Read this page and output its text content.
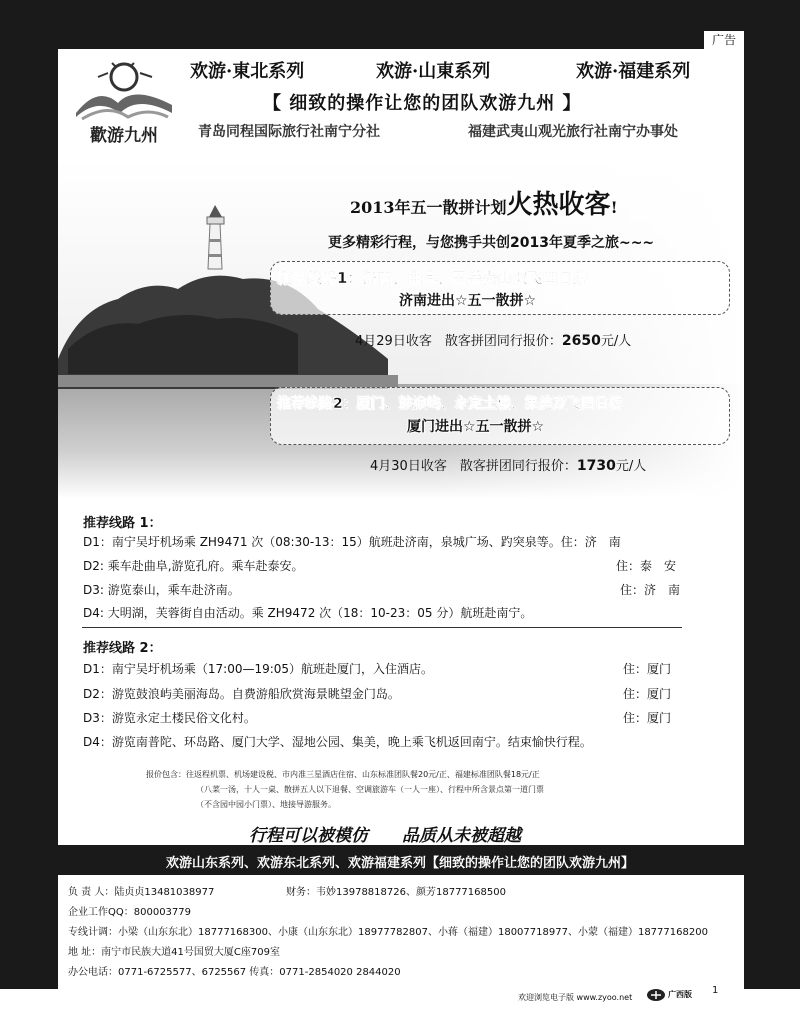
广告
歡游九州
欢游·東北系列	欢游·山東系列	欢游·福建系列
【 细致的操作让您的团队欢游九州 】
青岛同程国际旅行社南宁分社	福建武夷山观光旅行社南宁办事处
2013年五一散拼计划火热收客!
更多精彩行程，与您携手共创2013年夏季之旅~~~
推荐线路1：济南、曲阜、五岳泰山双飞四日游
济南进出☆五一散拼☆
4月29日收客　 散客拼团同行报价：2650元/人
推荐线路2：厦门、鼓浪屿、永定土楼、集美双飞四日游
厦门进出☆五一散拼☆
4月30日收客　 散客拼团同行报价：1730元/人
推荐线路 1：
D1：南宁吴圩机场乘 ZH9471 次（08:30-13：15）航班赴济南，泉城广场、趵突泉等。住：济　南
D2: 乘车赴曲阜,游览孔府。乘车赴泰安。	住：泰　安
D3: 游览泰山，乘车赴济南。	住：济　南
D4: 大明湖，芙蓉街自由活动。乘 ZH9472 次（18：10-23：05 分）航班赴南宁。
推荐线路 2：
D1：南宁吴圩机场乘（17:00—19:05）航班赴厦门，入住酒店。	住：厦门
D2：游览鼓浪屿美丽海岛。自费游船欣赏海景眺望金门岛。	住：厦门
D3：游览永定土楼民俗文化村。	住：厦门
D4：游览南普陀、环岛路、厦门大学、湿地公园、集美，晚上乘飞机返回南宁。结束愉快行程。
报价包含：往返程机票、机场建设税、市内准三星酒店住宿、山东标准团队餐20元/正、福建标准团队餐18元/正
（八菜一汤，十人一桌、散拼五人以下退餐、空调旅游车（一人一座）、行程中所含景点第一道门票
（不含园中园小门票）、地接导游服务。
行程可以被模仿　　品质从未被超越
欢游山东系列、欢游东北系列、欢游福建系列【细致的操作让您的团队欢游九州】
负 责 人：陆贞贞13481038977	财务：韦妙13978818726、颜芳18777168500
企业工作QQ：800003779
专线计调：小梁（山东东北）18777168300、小康（山东东北）18977782807、小蒋（福建）18007718977、小蒙（福建）18777168200
地 址：南宁市民族大道41号国贸大厦C座709室
办公电话：0771-6725577、6725567 传真：0771-2854020 2844020
欢迎浏览电子版 www.zyoo.net	广西版 1
